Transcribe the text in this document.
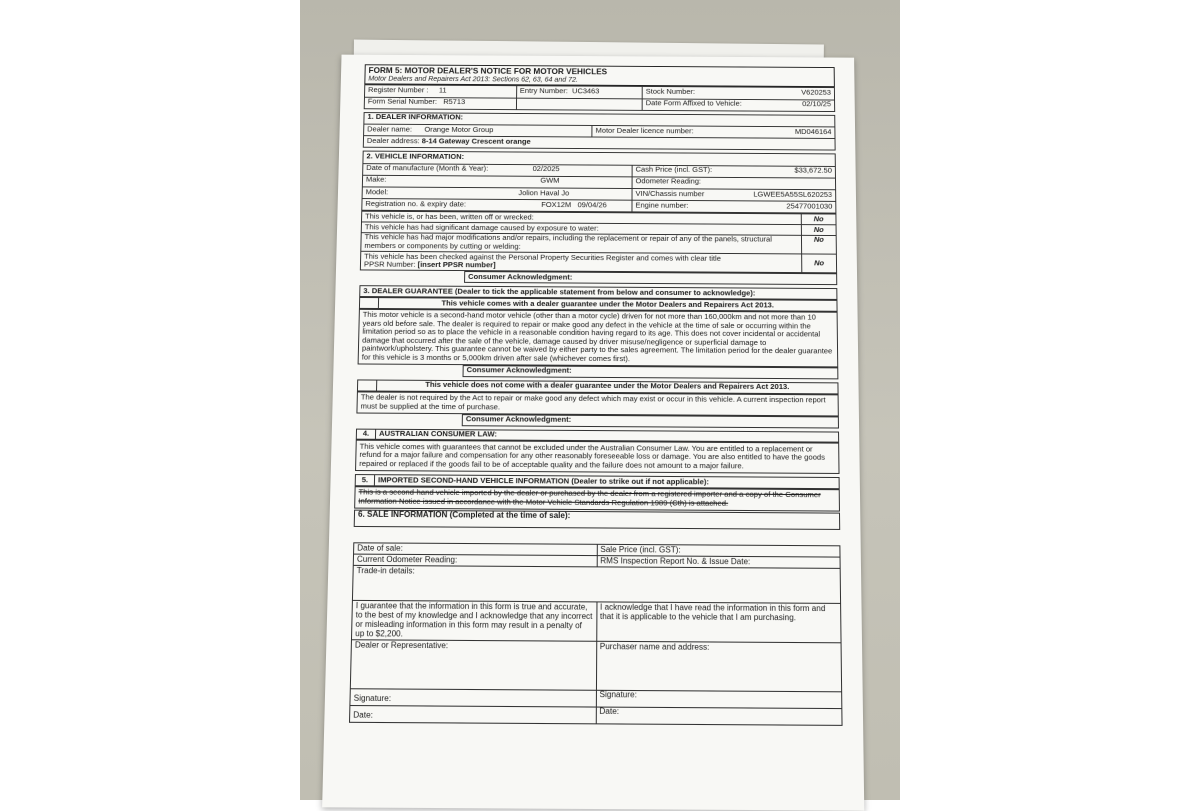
FORM 5: MOTOR DEALER'S NOTICE FOR MOTOR VEHICLES
Motor Dealers and Repairers Act 2013: Sections 62, 63, 64 and 72.
Register Number : 11	Entry Number: UC3463	Stock Number: V620253

Form Serial Number: R5713		Date Form Affixed to Vehicle: 02/10/25
1. DEALER INFORMATION:
Dealer name: Orange Motor Group	Motor Dealer licence number:	MD046164

Dealer address: 8-14 Gateway Crescent orange
2. VEHICLE INFORMATION:	
Date of manufacture (Month & Year): 02/2025	Cash Price (incl. GST): $33,672.50

Make: GWM	Odometer Reading:

Model: Jolion Haval Jo	VIN/Chassis number LGWEE5A55SL620253

Registration no. & expiry date: FOX12M 09/04/26	Engine number: 25477001030
This vehicle is, or has been, written off or wrecked:	No
This vehicle has had significant damage caused by exposure to water:	No
This vehicle has had major modifications and/or repairs, including the replacement or repair of any of the panels, structural members or components by cutting or welding:	No
This vehicle has been checked against the Personal Property Securities Register and comes with clear title
PPSR Number: [insert PPSR number]	No
	Consumer Acknowledgment:
3. DEALER GUARANTEE (Dealer to tick the applicable statement from below and consumer to acknowledge):
	This vehicle comes with a dealer guarantee under the Motor Dealers and Repairers Act 2013.
This motor vehicle is a second-hand motor vehicle (other than a motor cycle) driven for not more than 160,000km and not more than 10 years old before sale. The dealer is required to repair or make good any defect in the vehicle at the time of sale or occurring within the limitation period so as to place the vehicle in a reasonable condition having regard to its age. This does not cover incidental or accidental damage that occurred after the sale of the vehicle, damage caused by driver misuse/negligence or superficial damage to paintwork/upholstery. This guarantee cannot be waived by either party to the sales agreement. The limitation period for the dealer guarantee for this vehicle is 3 months or 5,000km driven after sale (whichever comes first).
	Consumer Acknowledgment:
	This vehicle does not come with a dealer guarantee under the Motor Dealers and Repairers Act 2013.
The dealer is not required by the Act to repair or make good any defect which may exist or occur in this vehicle. A current inspection report must be supplied at the time of purchase.
	Consumer Acknowledgment:
4.	AUSTRALIAN CONSUMER LAW:
This vehicle comes with guarantees that cannot be excluded under the Australian Consumer Law. You are entitled to a replacement or refund for a major failure and compensation for any other reasonably foreseeable loss or damage. You are also entitled to have the goods repaired or replaced if the goods fail to be of acceptable quality and the failure does not amount to a major failure.
5.	IMPORTED SECOND-HAND VEHICLE INFORMATION (Dealer to strike out if not applicable):
This is a second-hand vehicle imported by the dealer or purchased by the dealer from a registered importer and a copy of the Consumer Information Notice issued in accordance with the Motor Vehicle Standards Regulation 1989 (Cth) is attached.
6. SALE INFORMATION (Completed at the time of sale):	

Date of sale:	Sale Price (incl. GST):
Current Odometer Reading:	RMS Inspection Report No. & Issue Date:
Trade-in details:	
I guarantee that the information in this form is true and accurate, to the best of my knowledge and I acknowledge that any incorrect or misleading information in this form may result in a penalty of up to $2,200.	I acknowledge that I have read the information in this form and that it is applicable to the vehicle that I am purchasing.
Dealer or Representative:	Purchaser name and address:
Signature:	Signature:
Date:	Date:
